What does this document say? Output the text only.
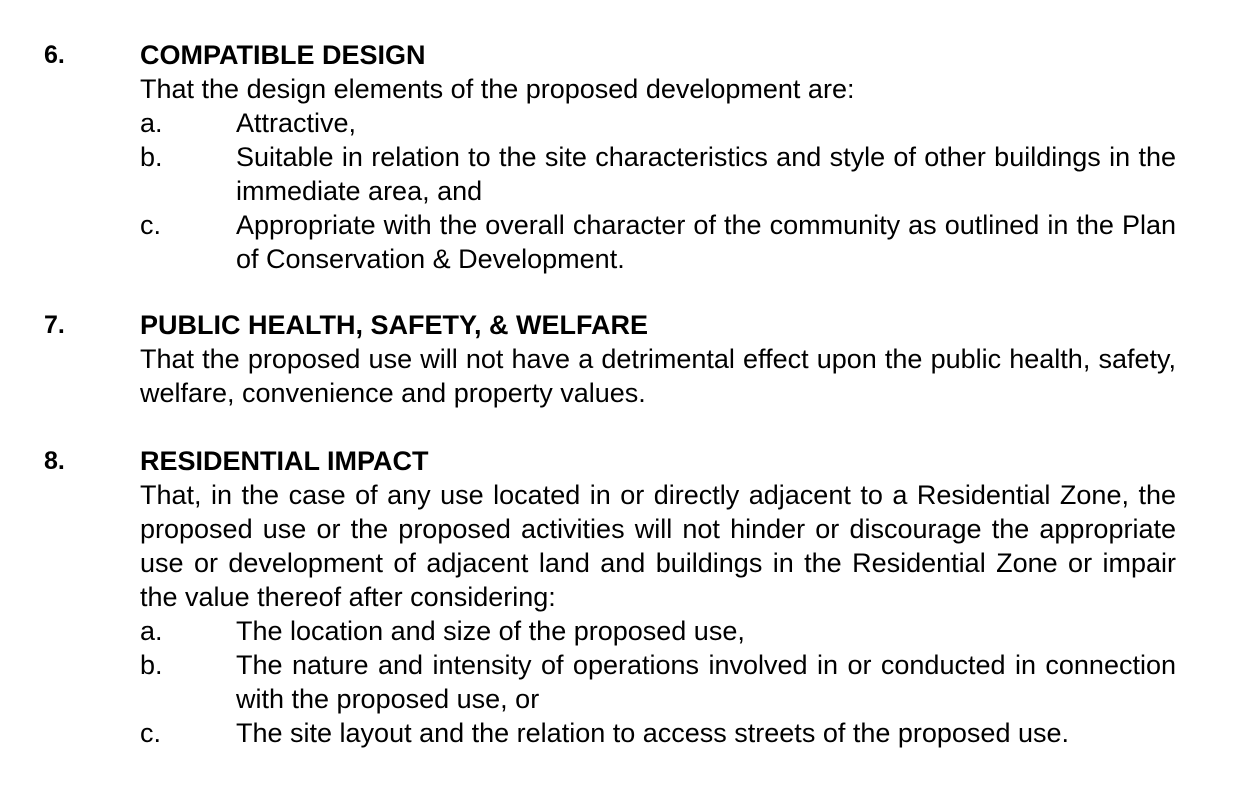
6.	COMPATIBLE DESIGN
That the design elements of the proposed development are:
a.	Attractive,
b.	Suitable in relation to the site characteristics and style of other buildings in the immediate area, and
c.	Appropriate with the overall character of the community as outlined in the Plan of Conservation & Development.
7.	PUBLIC HEALTH, SAFETY, & WELFARE
That the proposed use will not have a detrimental effect upon the public health, safety, welfare, convenience and property values.
8.	RESIDENTIAL IMPACT
That, in the case of any use located in or directly adjacent to a Residential Zone, the proposed use or the proposed activities will not hinder or discourage the appropriate use or development of adjacent land and buildings in the Residential Zone or impair the value thereof after considering:
a.	The location and size of the proposed use,
b.	The nature and intensity of operations involved in or conducted in connection with the proposed use, or
c.	The site layout and the relation to access streets of the proposed use.
